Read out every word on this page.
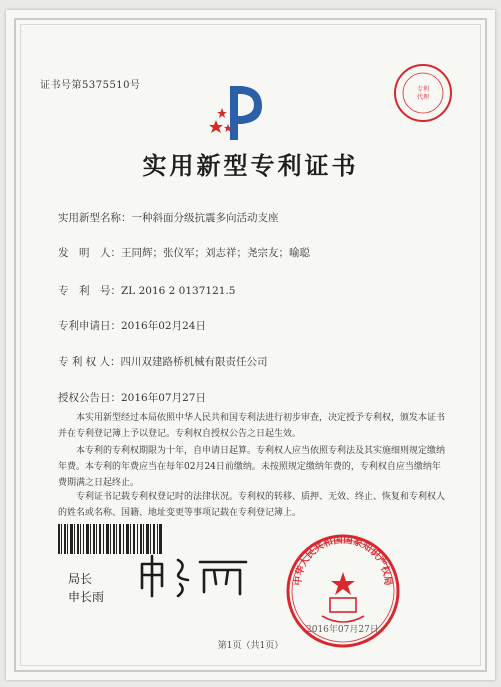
专利
代理
证书号第5375510号
实用新型专利证书
实用新型名称：一种斜面分级抗震多向活动支座
发　明　人：王同辉；张仪军；刘志祥；尧宗友；喻聪
专　利　号：ZL 2016 2 0137121.5
专利申请日：2016年02月24日
专 利 权 人：四川双建路桥机械有限责任公司
授权公告日：2016年07月27日
本实用新型经过本局依照中华人民共和国专利法进行初步审查，决定授予专利权，颁发本证书并在专利登记簿上予以登记。专利权自授权公告之日起生效。
本专利的专利权期限为十年，自申请日起算。专利权人应当依照专利法及其实施细则规定缴纳年费。本专利的年费应当在每年02月24日前缴纳。未按照规定缴纳年费的，专利权自应当缴纳年费期满之日起终止。
专利证书记载专利权登记时的法律状况。专利权的转移、质押、无效、终止、恢复和专利权人的姓名或名称、国籍、地址变更等事项记载在专利登记簿上。
局长
申长雨
中华人民共和国国家知识产权局
2016年07月27日
第1页（共1页）
